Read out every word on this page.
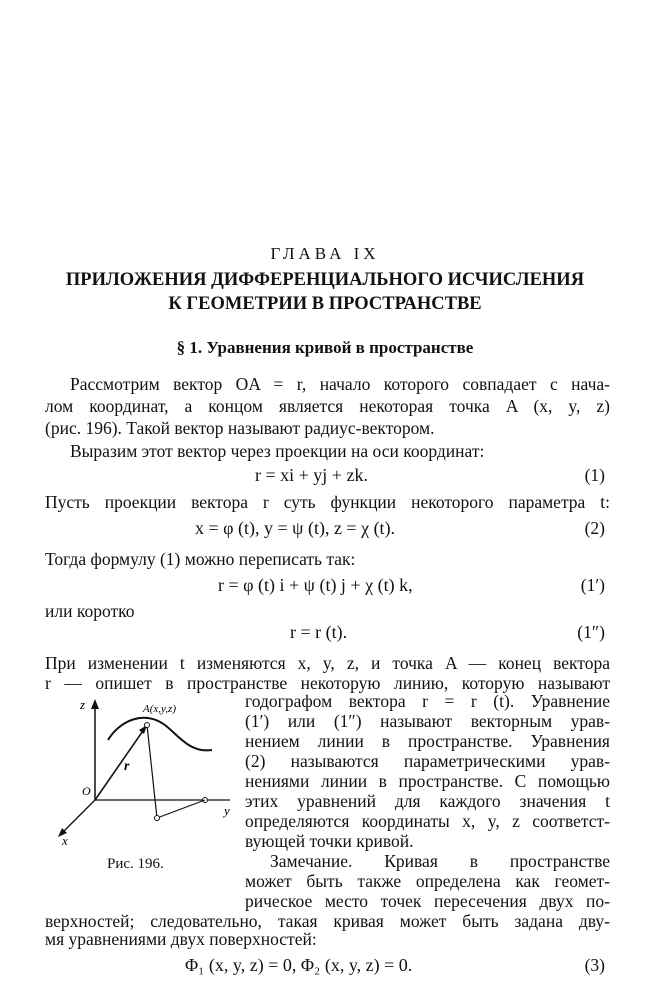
ГЛАВА IX
ПРИЛОЖЕНИЯ ДИФФЕРЕНЦИАЛЬНОГО ИСЧИСЛЕНИЯ
К ГЕОМЕТРИИ В ПРОСТРАНСТВЕ
§ 1. Уравнения кривой в пространстве
Рассмотрим вектор OA = r, начало которого совпадает с нача-
лом координат, а концом является некоторая точка A (x, y, z)
(рис. 196). Такой вектор называют радиус-вектором.
Выразим этот вектор через проекции на оси координат:
r = xi + yj + zk.	(1)
Пусть проекции вектора r суть функции некоторого параметра t:
x = φ (t), y = ψ (t), z = χ (t).	(2)
Тогда формулу (1) можно переписать так:
r = φ (t) i + ψ (t) j + χ (t) k,	(1′)
или коротко
r = r (t).	(1″)
При изменении t изменяются x, y, z, и точка A — конец вектора
r — опишет в пространстве некоторую линию, которую называют
годографом вектора r = r (t). Уравнение
(1′) или (1″) называют векторным урав-
нением линии в пространстве. Уравнения
(2) называются параметрическими урав-
нениями линии в пространстве. С помощью
этих уравнений для каждого значения t
определяются координаты x, y, z соответст-
вующей точки кривой.
Замечание. Кривая в пространстве
может быть также определена как геомет-
рическое место точек пересечения двух по-
верхностей; следовательно, такая кривая может быть задана дву-
мя уравнениями двух поверхностей:
Φ₁ (x, y, z) = 0, Φ₂ (x, y, z) = 0.	(3)
z
y
x
O
r
A(x,y,z)
Рис. 196.
